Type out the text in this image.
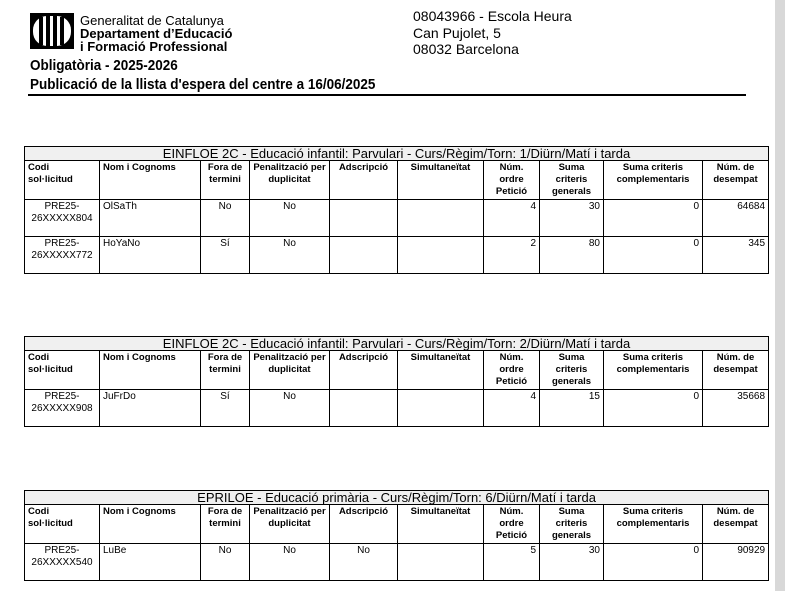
Generalitat de Catalunya
Departament d’Educació
i Formació Professional
08043966 - Escola Heura
Can Pujolet, 5
08032 Barcelona
Obligatòria - 2025-2026
Publicació de la llista d'espera del centre a 16/06/2025
EINFLOE 2C - Educació infantil: Parvulari - Curs/Règim/Torn: 1/Diürn/Matí i tarda									
Codi sol·licitud	Nom i Cognoms	Fora de termini	Penalització per duplicitat	Adscripció	Simultaneïtat	Núm. ordre Petició	Suma criteris generals	Suma criteris complementaris	Núm. de desempat
PRE25-26XXXXX804	OlSaTh	No	No			4	30	0	64684
PRE25-26XXXXX772	HoYaNo	Sí	No			2	80	0	345
EINFLOE 2C - Educació infantil: Parvulari - Curs/Règim/Torn: 2/Diürn/Matí i tarda									
Codi sol·licitud	Nom i Cognoms	Fora de termini	Penalització per duplicitat	Adscripció	Simultaneïtat	Núm. ordre Petició	Suma criteris generals	Suma criteris complementaris	Núm. de desempat
PRE25-26XXXXX908	JuFrDo	Sí	No			4	15	0	35668
EPRILOE - Educació primària - Curs/Règim/Torn: 6/Diürn/Matí i tarda									
Codi sol·licitud	Nom i Cognoms	Fora de termini	Penalització per duplicitat	Adscripció	Simultaneïtat	Núm. ordre Petició	Suma criteris generals	Suma criteris complementaris	Núm. de desempat
PRE25-26XXXXX540	LuBe	No	No	No		5	30	0	90929
